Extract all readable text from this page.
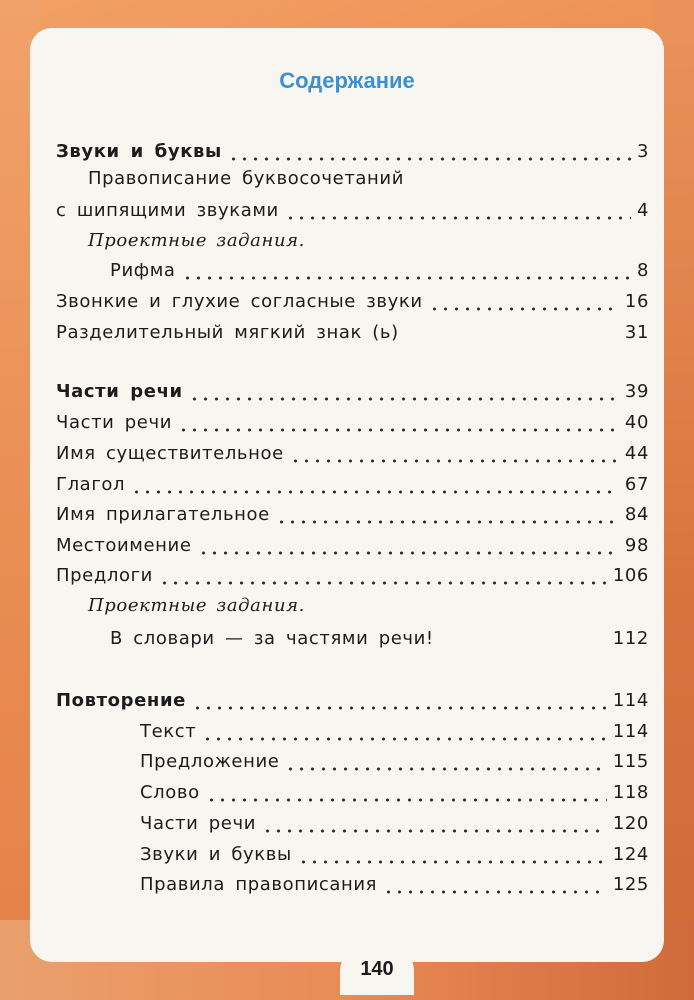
Содержание
Звуки и буквы	3
Правописание буквосочетаний
с шипящими звуками	4
Проектные задания.
Рифма	8
Звонкие и глухие согласные звуки	16
Разделительный мягкий знак (ь)	31
Части речи	39
Части речи	40
Имя существительное	44
Глагол	67
Имя прилагательное	84
Местоимение	98
Предлоги	106
Проектные задания.
В словари — за частями речи!	112
Повторение	114
Текст	114
Предложение	115
Слово	118
Части речи	120
Звуки и буквы	124
Правила правописания	125
140
